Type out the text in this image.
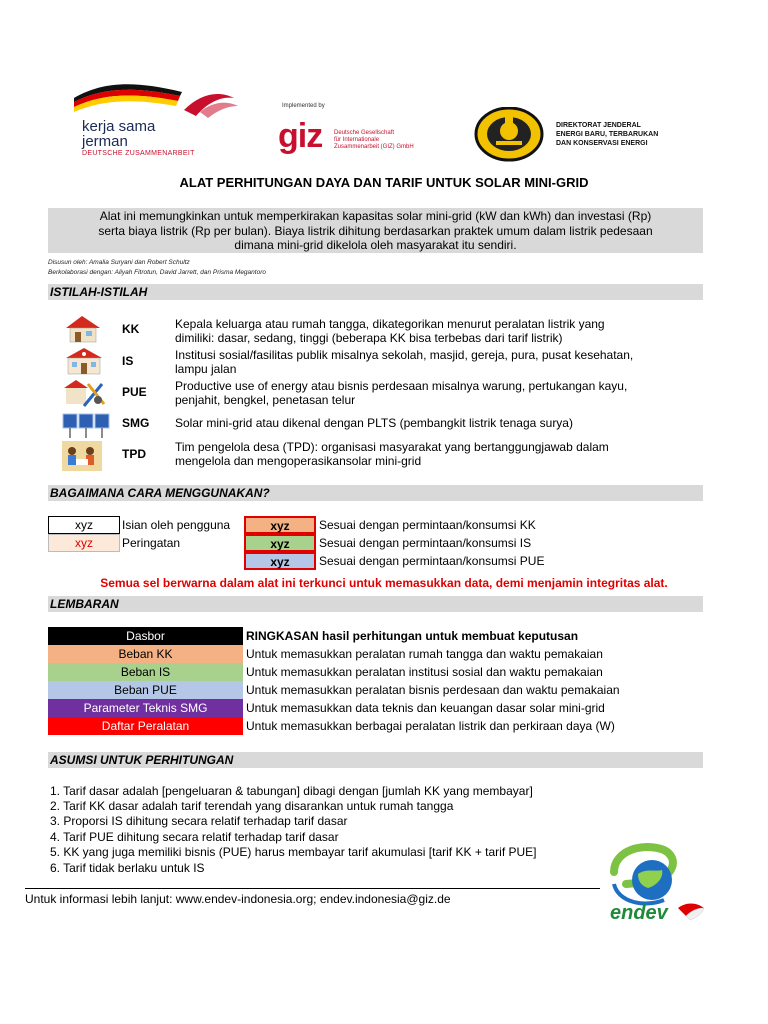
kerja sama
jerman
DEUTSCHE ZUSAMMENARBEIT
Implemented by
giz Deutsche Gesellschaft
für Internationale
Zusammenarbeit (GIZ) GmbH
DIREKTORAT JENDERAL
ENERGI BARU, TERBARUKAN
DAN KONSERVASI ENERGI
ALAT PERHITUNGAN DAYA DAN TARIF UNTUK SOLAR MINI-GRID
Alat ini memungkinkan untuk memperkirakan kapasitas solar mini-grid (kW dan kWh) dan investasi (Rp)
serta biaya listrik (Rp per bulan). Biaya listrik dihitung berdasarkan praktek umum dalam listrik pedesaan
dimana mini-grid dikelola oleh masyarakat itu sendiri.
Disusun oleh: Amalia Suryani dan Robert Schultz
Berkolaborasi dengan: Aliyah Fitrotun, David Jarrett, dan Prisma Megantoro
ISTILAH-ISTILAH
KK	Kepala keluarga atau rumah tangga, dikategorikan menurut peralatan listrik yang
dimiliki: dasar, sedang, tinggi (beberapa KK bisa terbebas dari tarif listrik)
IS	Institusi sosial/fasilitas publik misalnya sekolah, masjid, gereja, pura, pusat kesehatan,
lampu jalan
PUE Productive use of energy atau bisnis perdesaan misalnya warung, pertukangan kayu,
penjahit, bengkel, penetasan telur
SMG Solar mini-grid atau dikenal dengan PLTS (pembangkit listrik tenaga surya)
TPD Tim pengelola desa (TPD): organisasi masyarakat yang bertanggungjawab dalam
mengelola dan mengoperasikansolar mini-grid
BAGAIMANA CARA MENGGUNAKAN?
xyz	Isian oleh pengguna
xyz	Peringatan
xyz	Sesuai dengan permintaan/konsumsi KK
xyz	Sesuai dengan permintaan/konsumsi IS
xyz	Sesuai dengan permintaan/konsumsi PUE
Semua sel berwarna dalam alat ini terkunci untuk memasukkan data, demi menjamin integritas alat.
LEMBARAN
Dasbor	RINGKASAN hasil perhitungan untuk membuat keputusan
Beban KK	Untuk memasukkan peralatan rumah tangga dan waktu pemakaian
Beban IS	Untuk memasukkan peralatan institusi sosial dan waktu pemakaian
Beban PUE	Untuk memasukkan peralatan bisnis perdesaan dan waktu pemakaian
Parameter Teknis SMG	Untuk memasukkan data teknis dan keuangan dasar solar mini-grid
Daftar Peralatan	Untuk memasukkan berbagai peralatan listrik dan perkiraan daya (W)
ASUMSI UNTUK PERHITUNGAN
1. Tarif dasar adalah [pengeluaran & tabungan] dibagi dengan [jumlah KK yang membayar]
2. Tarif KK dasar adalah tarif terendah yang disarankan untuk rumah tangga
3. Proporsi IS dihitung secara relatif terhadap tarif dasar
4. Tarif PUE dihitung secara relatif terhadap tarif dasar
5. KK yang juga memiliki bisnis (PUE) harus membayar tarif akumulasi [tarif KK + tarif PUE]
6. Tarif tidak berlaku untuk IS
Untuk informasi lebih lanjut: www.endev-indonesia.org; endev.indonesia@giz.de
endev
